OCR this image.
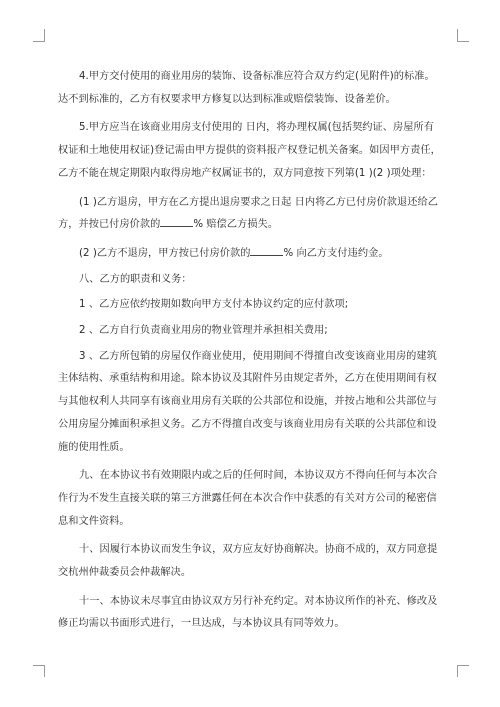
4.甲方交付使用的商业用房的装饰、设备标准应符合双方约定(见附件)的标准。
达不到标准的，乙方有权要求甲方修复以达到标准或赔偿装饰、设备差价。
5.甲方应当在该商业用房支付使用的 日内，将办理权属(包括契约证、房屋所有
权证和土地使用权证)登记需由甲方提供的资料报产权登记机关备案。如因甲方责任，
乙方不能在规定期限内取得房地产权属证书的，双方同意按下列第(1 )(2 )项处理：
(1 )乙方退房，甲方在乙方提出退房要求之日起 日内将乙方已付房价款退还给乙
方，并按已付房价款的	% 赔偿乙方损失。
(2 )乙方不退房，甲方按已付房价款的	% 向乙方支付违约金。
八、乙方的职责和义务：
1 、乙方应依约按期如数向甲方支付本协议约定的应付款项;
2 、乙方自行负责商业用房的物业管理并承担相关费用;
3 、乙方所包销的房屋仅作商业使用，使用期间不得擅自改变该商业用房的建筑
主体结构、承重结构和用途。除本协议及其附件另由规定者外，乙方在使用期间有权
与其他权利人共同享有该商业用房有关联的公共部位和设施，并按占地和公共部位与
公用房屋分摊面积承担义务。乙方不得擅自改变与该商业用房有关联的公共部位和设
施的使用性质。
九、在本协议书有效期限内或之后的任何时间，本协议双方不得向任何与本次合
作行为不发生直接关联的第三方泄露任何在本次合作中获悉的有关对方公司的秘密信
息和文件资料。
十、因履行本协议而发生争议，双方应友好协商解决。协商不成的，双方同意提
交杭州仲裁委员会仲裁解决。
十一、本协议未尽事宜由协议双方另行补充约定。对本协议所作的补充、修改及
修正均需以书面形式进行，一旦达成，与本协议具有同等效力。
